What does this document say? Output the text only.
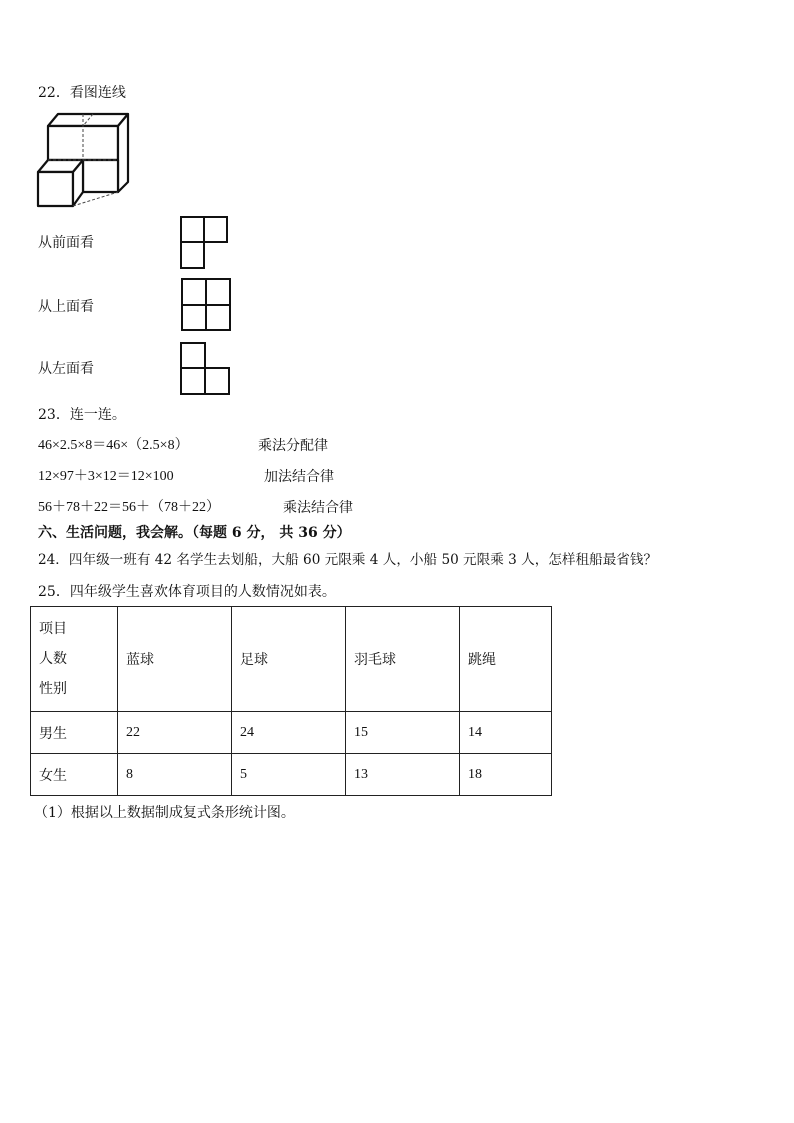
22．看图连线
从前面看
从上面看
从左面看
23．连一连。
46×2.5×8＝46×（2.5×8）	乘法分配律
12×97＋3×12＝12×100	加法结合律
56＋78＋22＝56＋（78＋22）	乘法结合律
六、生活问题，我会解。（每题 6 分， 共 36 分）
24．四年级一班有 42 名学生去划船，大船 60 元限乘 4 人，小船 50 元限乘 3 人，怎样租船最省钱？
25．四年级学生喜欢体育项目的人数情况如表。
项目
人数
性别	蓝球	足球	羽毛球	跳绳
男生	22	24	15	14
女生	8	5	13	18
（1）根据以上数据制成复式条形统计图。
